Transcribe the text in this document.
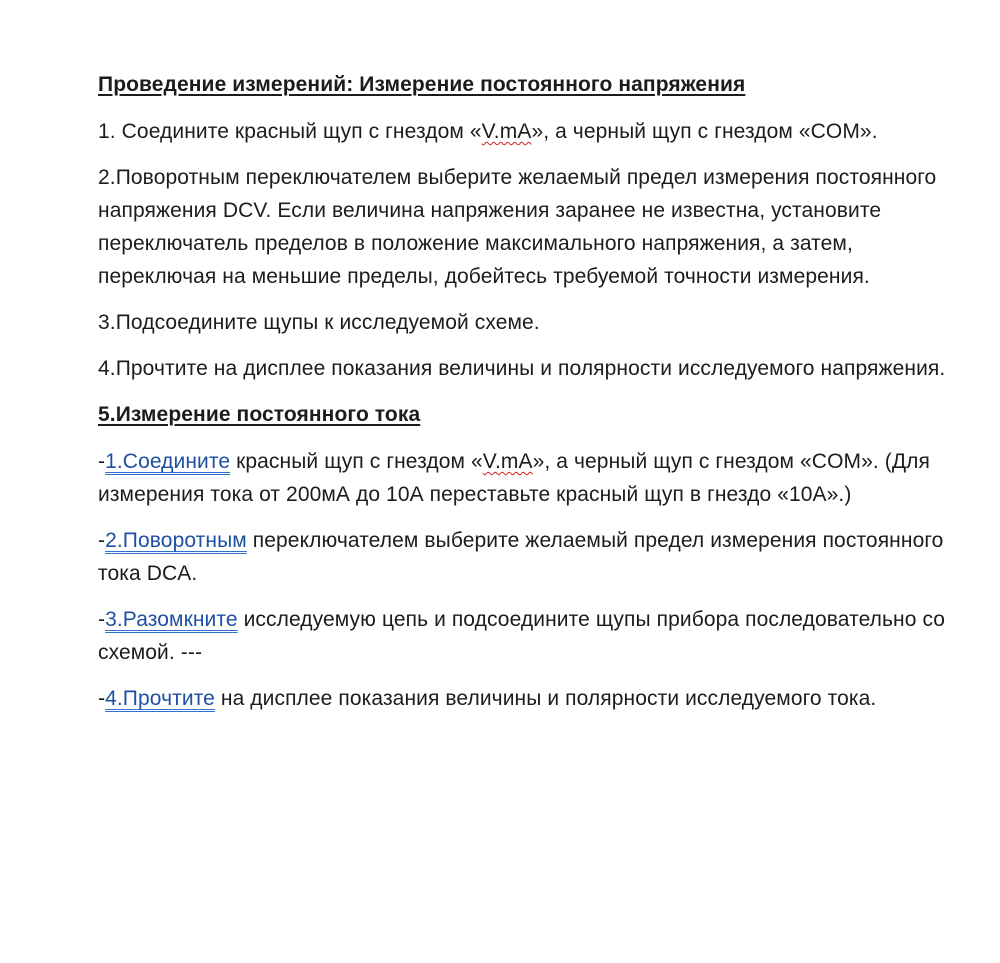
Проведение измерений: Измерение постоянного напряжения

1. Соедините красный щуп с гнездом «V.mA», а черный щуп с гнездом «COM».

2.Поворотным переключателем выберите желаемый предел измерения постоянного напряжения DCV. Если величина напряжения заранее не известна, установите переключатель пределов в положение максимального напряжения, а затем, переключая на меньшие пределы, добейтесь требуемой точности измерения.

3.Подсоедините щупы к исследуемой схеме.

4.Прочтите на дисплее показания величины и полярности исследуемого напряжения.

5.Измерение постоянного тока

-1.Соедините красный щуп с гнездом «V.mA», а черный щуп с гнездом «COM». (Для измерения тока от 200мА до 10А переставьте красный щуп в гнездо «10А».)

-2.Поворотным переключателем выберите желаемый предел измерения постоянного тока DCA.

-3.Разомкните исследуемую цепь и подсоедините щупы прибора последовательно со схемой. ---

-4.Прочтите на дисплее показания величины и полярности исследуемого тока.
